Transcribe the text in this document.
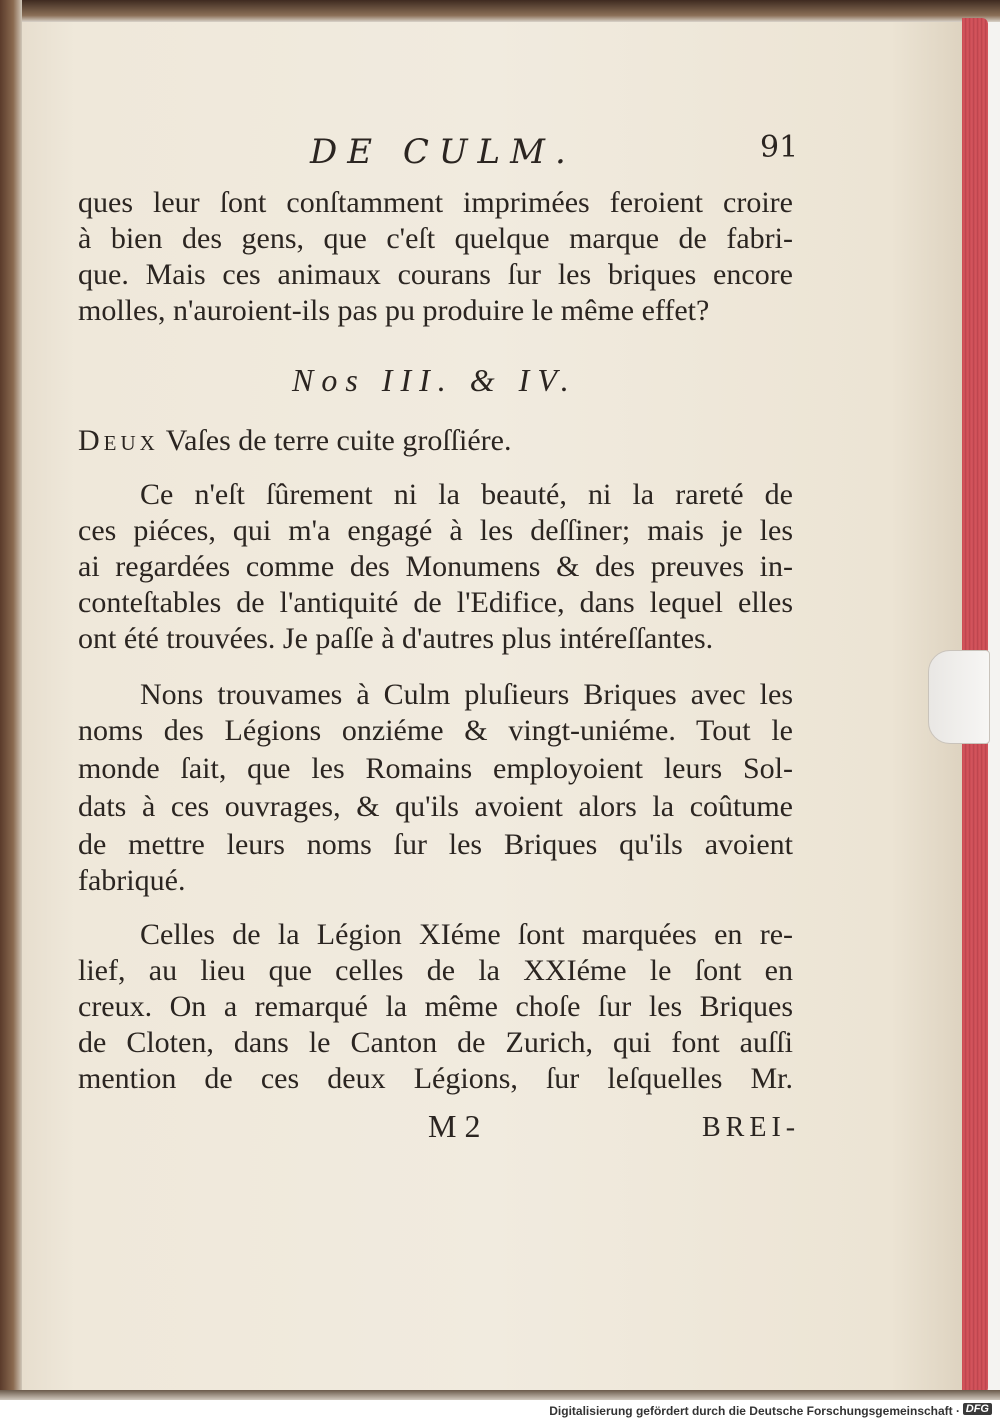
DE CULM.	91
ques leur ſont conſtamment imprimées feroient croire
à bien des gens, que c'eſt quelque marque de fabri-
que. Mais ces animaux courans ſur les briques encore
molles, n'auroient-ils pas pu produire le même effet?
Nos III. & IV.
Deux Vaſes de terre cuite groſſiére.
Ce n'eſt ſûrement ni la beauté, ni la rareté de
ces piéces, qui m'a engagé à les deſſiner; mais je les
ai regardées comme des Monumens & des preuves in-
conteſtables de l'antiquité de l'Edifice, dans lequel elles
ont été trouvées. Je paſſe à d'autres plus intéreſſantes.
Nons trouvames à Culm pluſieurs Briques avec les
noms des Légions onziéme & vingt-uniéme. Tout le
monde ſait, que les Romains employoient leurs Sol-
dats à ces ouvrages, & qu'ils avoient alors la coûtume
de mettre leurs noms ſur les Briques qu'ils avoient
fabriqué.
Celles de la Légion XIéme ſont marquées en re-
lief, au lieu que celles de la XXIéme le ſont en
creux. On a remarqué la même choſe ſur les Briques
de Cloten, dans le Canton de Zurich, qui font auſſi
mention de ces deux Légions, ſur leſquelles Mr.
M 2	BREI-
Digitalisierung gefördert durch die Deutsche Forschungsgemeinschaft · DFG
